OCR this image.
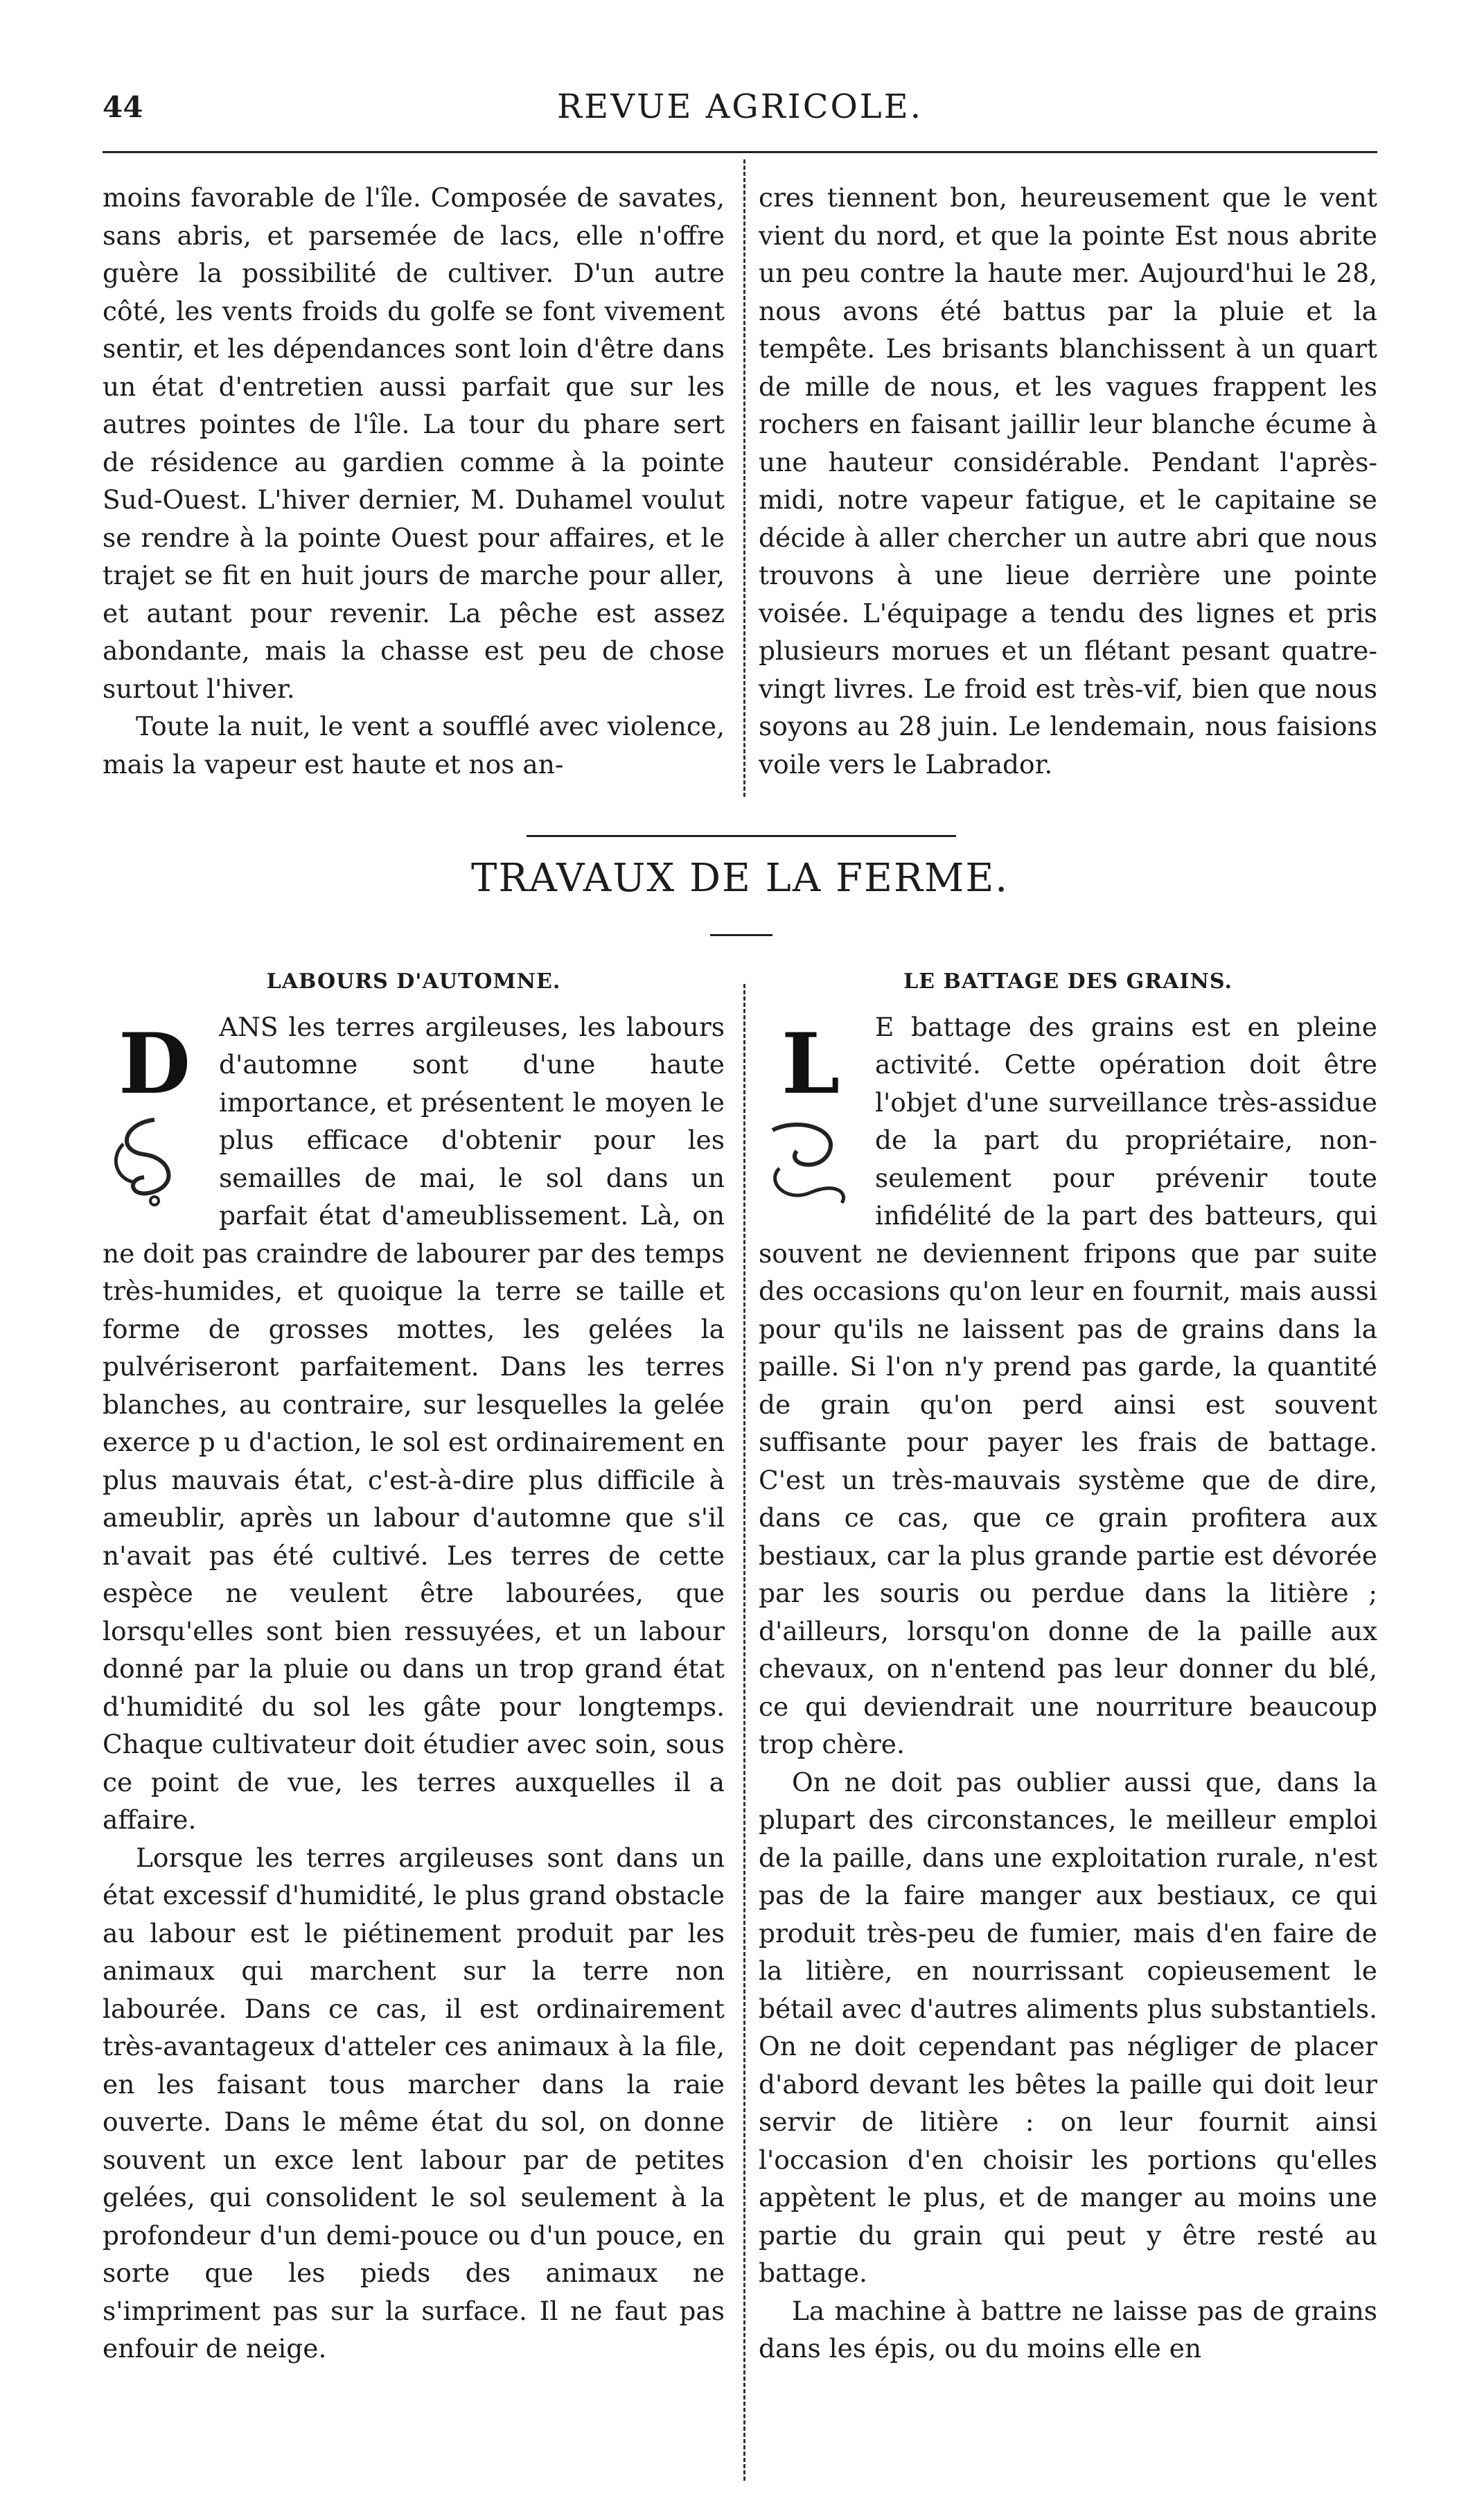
44	REVUE AGRICOLE.

moins favorable de l'île. Composée de savates, sans abris, et parsemée de lacs, elle n'offre guère la possibilité de cultiver. D'un autre côté, les vents froids du golfe se font vivement sentir, et les dépendances sont loin d'être dans un état d'entretien aussi parfait que sur les autres pointes de l'île. La tour du phare sert de résidence au gardien comme à la pointe Sud-Ouest. L'hiver dernier, M. Duhamel voulut se rendre à la pointe Ouest pour affaires, et le trajet se fit en huit jours de marche pour aller, et autant pour revenir. La pêche est assez abondante, mais la chasse est peu de chose surtout l'hiver.

Toute la nuit, le vent a soufflé avec violence, mais la vapeur est haute et nos an-

cres tiennent bon, heureusement que le vent vient du nord, et que la pointe Est nous abrite un peu contre la haute mer. Aujourd'hui le 28, nous avons été battus par la pluie et la tempête. Les brisants blanchissent à un quart de mille de nous, et les vagues frappent les rochers en faisant jaillir leur blanche écume à une hauteur considérable. Pendant l'après-midi, notre vapeur fatigue, et le capitaine se décide à aller chercher un autre abri que nous trouvons à une lieue derrière une pointe voisée. L'équipage a tendu des lignes et pris plusieurs morues et un flétant pesant quatre-vingt livres. Le froid est très-vif, bien que nous soyons au 28 juin. Le lendemain, nous faisions voile vers le Labrador.

TRAVAUX DE LA FERME.
LABOURS D'AUTOMNE.
D	ANS les terres argileuses, les labours d'automne sont d'une haute importance, et présentent le moyen le plus efficace d'obtenir pour les semailles de mai, le sol dans un parfait état d'ameublissement. Là, on ne doit pas craindre de labourer par des temps très-humides, et quoique la terre se taille et forme de grosses mottes, les gelées la pulvériseront parfaitement. Dans les terres blanches, au contraire, sur lesquelles la gelée exerce p u d'action, le sol est ordinairement en plus mauvais état, c'est-à-dire plus difficile à ameublir, après un labour d'automne que s'il n'avait pas été cultivé. Les terres de cette espèce ne veulent être labourées, que lorsqu'elles sont bien ressuyées, et un labour donné par la pluie ou dans un trop grand état d'humidité du sol les gâte pour longtemps. Chaque cultivateur doit étudier avec soin, sous ce point de vue, les terres auxquelles il a affaire.

Lorsque les terres argileuses sont dans un état excessif d'humidité, le plus grand obstacle au labour est le piétinement produit par les animaux qui marchent sur la terre non labourée. Dans ce cas, il est ordinairement très-avantageux d'atteler ces animaux à la file, en les faisant tous marcher dans la raie ouverte. Dans le même état du sol, on donne souvent un exce lent labour par de petites gelées, qui consolident le sol seulement à la profondeur d'un demi-pouce ou d'un pouce, en sorte que les pieds des animaux ne s'impriment pas sur la surface. Il ne faut pas enfouir de neige.

LE BATTAGE DES GRAINS.
L	E battage des grains est en pleine activité. Cette opération doit être l'objet d'une surveillance très-assidue de la part du propriétaire, non-seulement pour prévenir toute infidélité de la part des batteurs, qui souvent ne deviennent fripons que par suite des occasions qu'on leur en fournit, mais aussi pour qu'ils ne laissent pas de grains dans la paille. Si l'on n'y prend pas garde, la quantité de grain qu'on perd ainsi est souvent suffisante pour payer les frais de battage. C'est un très-mauvais système que de dire, dans ce cas, que ce grain profitera aux bestiaux, car la plus grande partie est dévorée par les souris ou perdue dans la litière ; d'ailleurs, lorsqu'on donne de la paille aux chevaux, on n'entend pas leur donner du blé, ce qui deviendrait une nourriture beaucoup trop chère.

On ne doit pas oublier aussi que, dans la plupart des circonstances, le meilleur emploi de la paille, dans une exploitation rurale, n'est pas de la faire manger aux bestiaux, ce qui produit très-peu de fumier, mais d'en faire de la litière, en nourrissant copieusement le bétail avec d'autres aliments plus substantiels. On ne doit cependant pas négliger de placer d'abord devant les bêtes la paille qui doit leur servir de litière : on leur fournit ainsi l'occasion d'en choisir les portions qu'elles appètent le plus, et de manger au moins une partie du grain qui peut y être resté au battage.

La machine à battre ne laisse pas de grains dans les épis, ou du moins elle en
